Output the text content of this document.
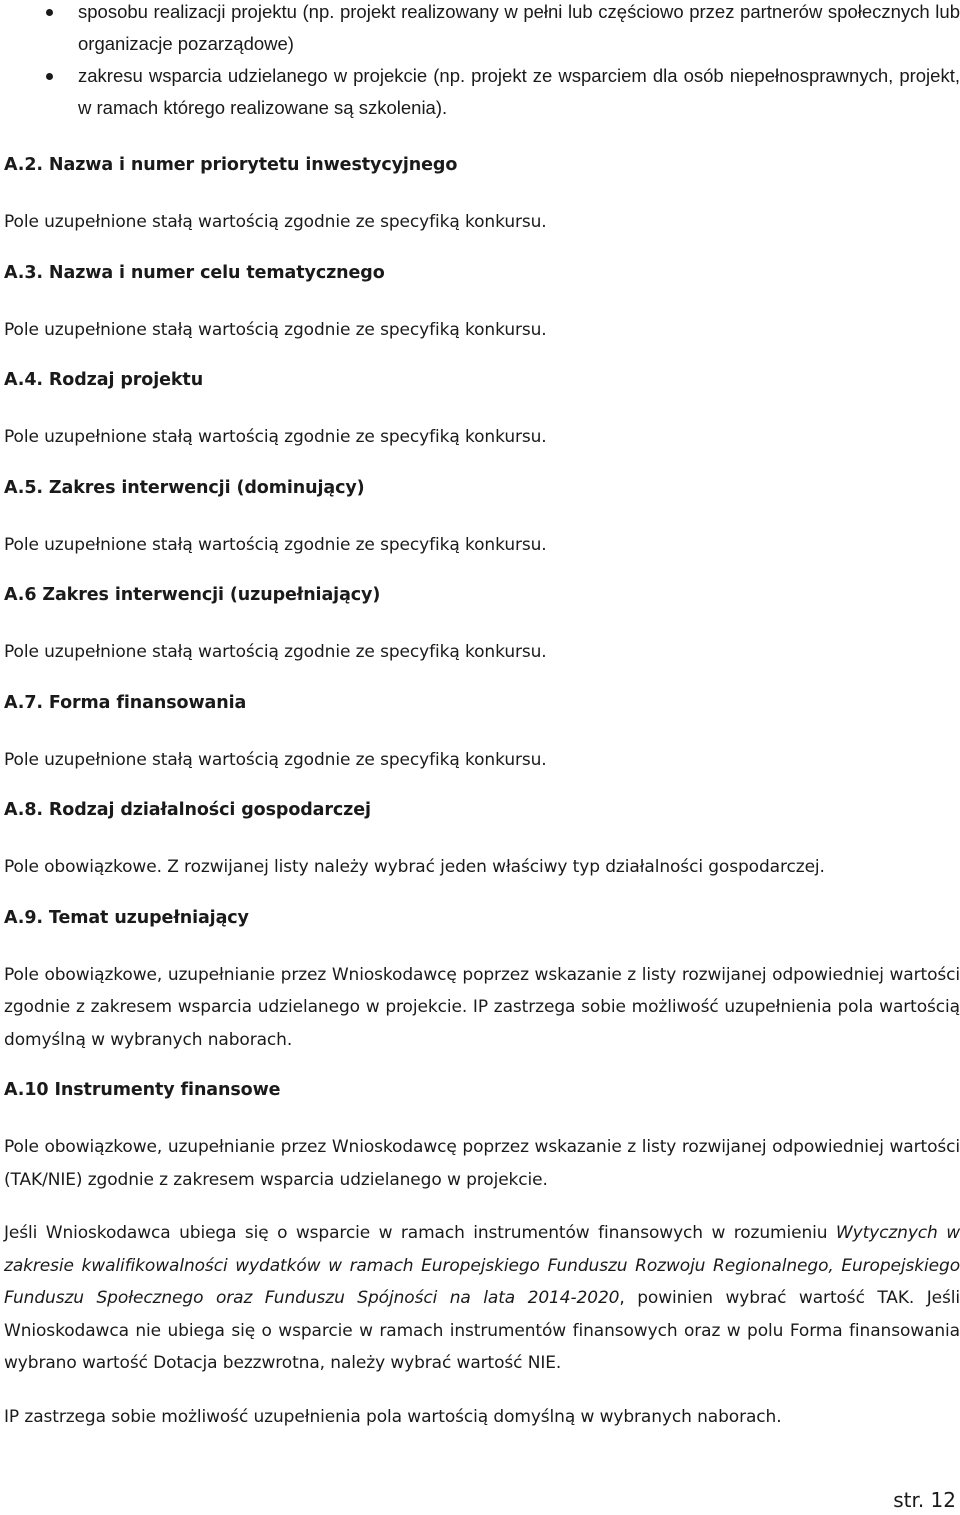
sposobu realizacji projektu (np. projekt realizowany w pełni lub częściowo przez partnerów społecznych lub organizacje pozarządowe)
zakresu wsparcia udzielanego w projekcie (np. projekt ze wsparciem dla osób niepełnosprawnych, projekt, w ramach którego realizowane są szkolenia).

A.2. Nazwa i numer priorytetu inwestycyjnego

Pole uzupełnione stałą wartością zgodnie ze specyfiką konkursu.

A.3. Nazwa i numer celu tematycznego

Pole uzupełnione stałą wartością zgodnie ze specyfiką konkursu.

A.4. Rodzaj projektu

Pole uzupełnione stałą wartością zgodnie ze specyfiką konkursu.

A.5. Zakres interwencji (dominujący)

Pole uzupełnione stałą wartością zgodnie ze specyfiką konkursu.

A.6 Zakres interwencji (uzupełniający)

Pole uzupełnione stałą wartością zgodnie ze specyfiką konkursu.

A.7. Forma finansowania

Pole uzupełnione stałą wartością zgodnie ze specyfiką konkursu.

A.8. Rodzaj działalności gospodarczej

Pole obowiązkowe. Z rozwijanej listy należy wybrać jeden właściwy typ działalności gospodarczej.

A.9. Temat uzupełniający

Pole obowiązkowe, uzupełnianie przez Wnioskodawcę poprzez wskazanie z listy rozwijanej odpowiedniej wartości zgodnie z zakresem wsparcia udzielanego w projekcie. IP zastrzega sobie możliwość uzupełnienia pola wartością domyślną w wybranych naborach.

A.10 Instrumenty finansowe

Pole obowiązkowe, uzupełnianie przez Wnioskodawcę poprzez wskazanie z listy rozwijanej odpowiedniej wartości (TAK/NIE) zgodnie z zakresem wsparcia udzielanego w projekcie.

Jeśli Wnioskodawca ubiega się o wsparcie w ramach instrumentów finansowych w rozumieniu Wytycznych w zakresie kwalifikowalności wydatków w ramach Europejskiego Funduszu Rozwoju Regionalnego, Europejskiego Funduszu Społecznego oraz Funduszu Spójności na lata 2014-2020, powinien wybrać wartość TAK. Jeśli Wnioskodawca nie ubiega się o wsparcie w ramach instrumentów finansowych oraz w polu Forma finansowania wybrano wartość Dotacja bezzwrotna, należy wybrać wartość NIE.

IP zastrzega sobie możliwość uzupełnienia pola wartością domyślną w wybranych naborach.

str. 12
